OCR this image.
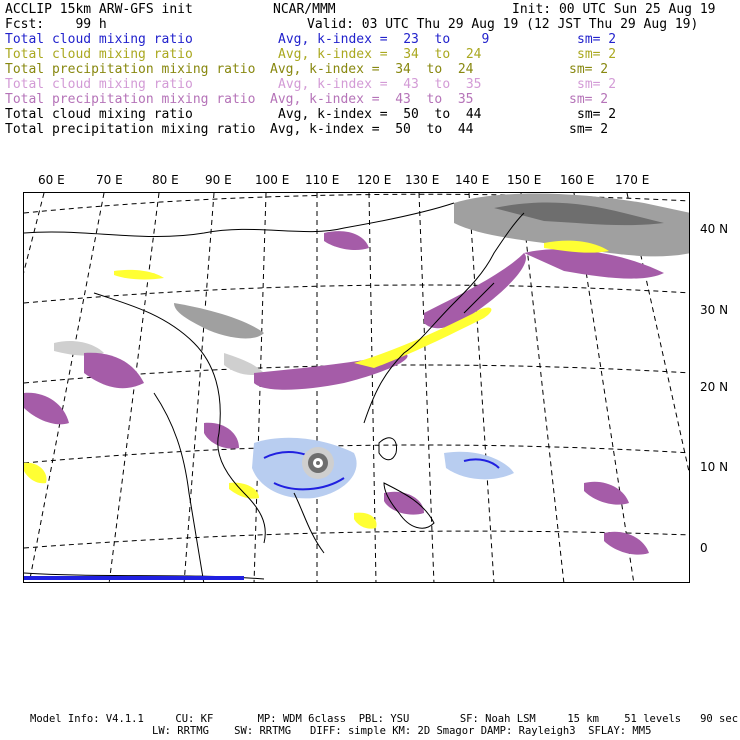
ACCLIP 15km ARW-GFS init	NCAR/MMM	Init: 00 UTC Sun 25 Aug 19
Fcst:    99 h	Valid: 03 UTC Thu 29 Aug 19 (12 JST Thu 29 Aug 19)
Total cloud mixing ratio	Avg, k-index =  23  to    9	sm= 2
Total cloud mixing ratio	Avg, k-index =  34  to  24	sm= 2
Total precipitation mixing ratio Avg, k-index =  34  to  24	sm= 2
Total cloud mixing ratio	Avg, k-index =  43  to  35	sm= 2
Total precipitation mixing ratio Avg, k-index =  43  to  35	sm= 2
Total cloud mixing ratio	Avg, k-index =  50  to  44	sm= 2
Total precipitation mixing ratio Avg, k-index =  50  to  44	sm= 2
60 E	70 E 80 E 90 E 100 E 110 E 120 E 130 E 140 E 150 E 160 E 170 E
40 N
30 N
20 N
10 N
0
Model Info: V4.1.1     CU: KF       MP: WDM 6class  PBL: YSU        SF: Noah LSM     15 km    51 levels   90 sec
LW: RRTMG    SW: RRTMG   DIFF: simple KM: 2D Smagor DAMP: Rayleigh3  SFLAY: MM5
